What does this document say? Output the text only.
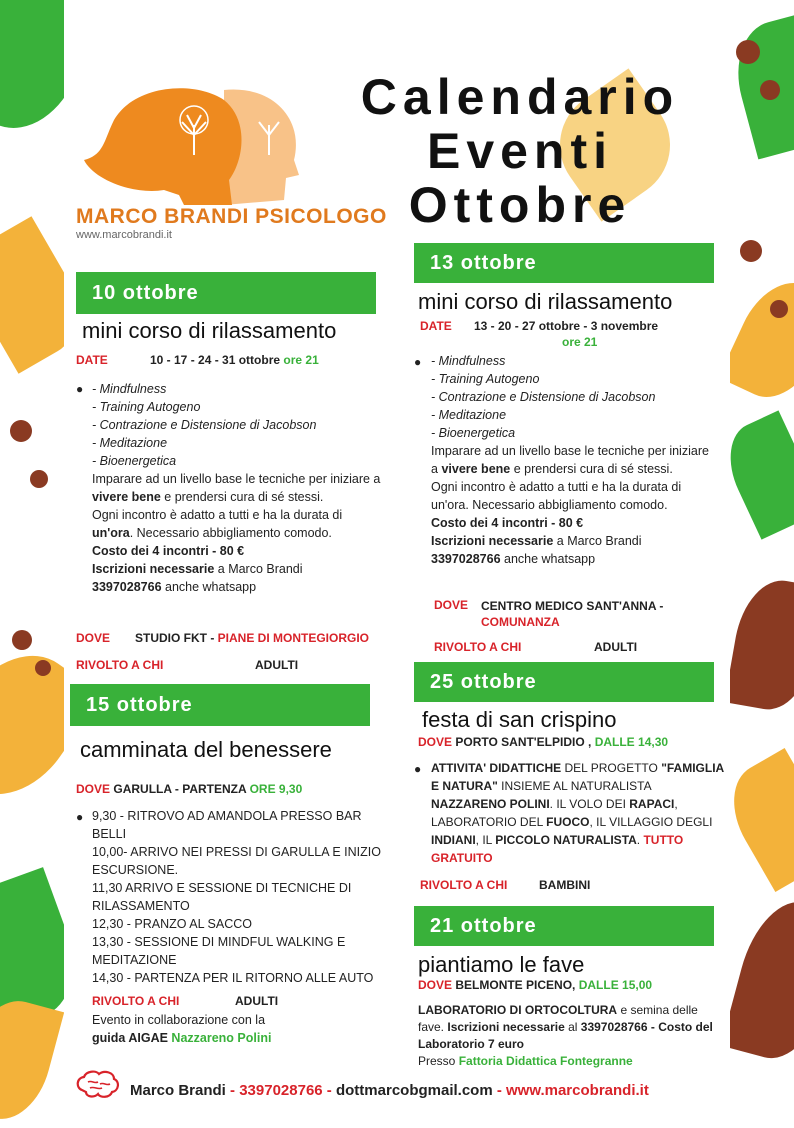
MARCO BRANDI PSICOLOGO
www.marcobrandi.it
Calendario
Eventi
Ottobre
10 ottobre
mini corso di rilassamento
DATE	10 - 17 - 24 - 31 ottobre ore 21
● - Mindfulness
- Training Autogeno
- Contrazione e Distensione di Jacobson
- Meditazione
- Bioenergetica
Imparare ad un livello base le tecniche per iniziare a vivere bene e prendersi cura di sé stessi.
Ogni incontro è adatto a tutti e ha la durata di un'ora. Necessario abbigliamento comodo.
Costo dei 4 incontri - 80 €
Iscrizioni necessarie a Marco Brandi
3397028766 anche whatsapp
DOVE STUDIO FKT - PIANE DI MONTEGIORGIO
RIVOLTO A CHI	ADULTI
13 ottobre
mini corso di rilassamento
DATE 13 - 20 - 27 ottobre - 3 novembre
ore 21
● - Mindfulness
- Training Autogeno
- Contrazione e Distensione di Jacobson
- Meditazione
- Bioenergetica
Imparare ad un livello base le tecniche per iniziare a vivere bene e prendersi cura di sé stessi.
Ogni incontro è adatto a tutti e ha la durata di un'ora. Necessario abbigliamento comodo.
Costo dei 4 incontri - 80 €
Iscrizioni necessarie a Marco Brandi
3397028766 anche whatsapp
DOVE CENTRO MEDICO SANT'ANNA -
COMUNANZA
RIVOLTO A CHI	ADULTI
15 ottobre
camminata del benessere
DOVE GARULLA - PARTENZA ORE 9,30
● 9,30 - RITROVO AD AMANDOLA PRESSO BAR BELLI
10,00- ARRIVO NEI PRESSI DI GARULLA E INIZIO ESCURSIONE.
11,30 ARRIVO E SESSIONE DI TECNICHE DI RILASSAMENTO
12,30 - PRANZO AL SACCO
13,30 - SESSIONE DI MINDFUL WALKING E MEDITAZIONE
14,30 - PARTENZA PER IL RITORNO ALLE AUTO
RIVOLTO A CHI	ADULTI
Evento in collaborazione con la
guida AIGAE Nazzareno Polini
25 ottobre
festa di san crispino
DOVE PORTO SANT'ELPIDIO , DALLE 14,30
● ATTIVITA' DIDATTICHE DEL PROGETTO "FAMIGLIA E NATURA" INSIEME AL NATURALISTA NAZZARENO POLINI. IL VOLO DEI RAPACI, LABORATORIO DEL FUOCO, IL VILLAGGIO DEGLI INDIANI, IL PICCOLO NATURALISTA. TUTTO GRATUITO
RIVOLTO A CHI	BAMBINI
21 ottobre
piantiamo le fave
DOVE BELMONTE PICENO, DALLE 15,00
LABORATORIO DI ORTOCOLTURA e semina delle fave. Iscrizioni necessarie al 3397028766 - Costo del Laboratorio 7 euro
Presso Fattoria Didattica Fontegranne
Marco Brandi - 3397028766 - dottmarcobgmail.com - www.marcobrandi.it
